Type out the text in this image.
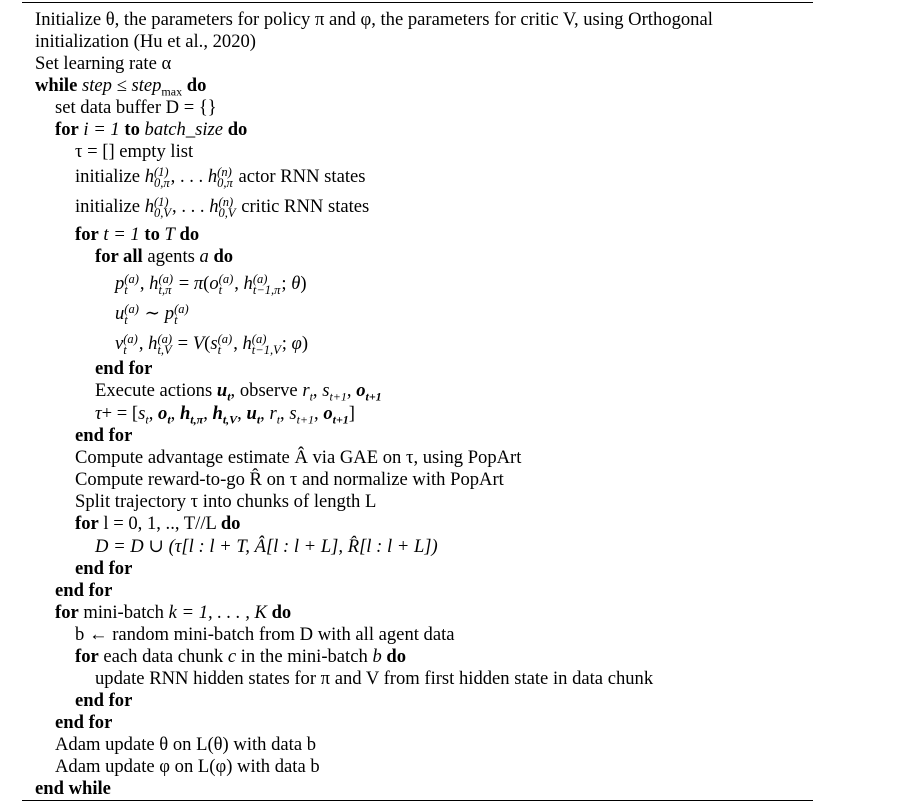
Initialize θ, the parameters for policy π and φ, the parameters for critic V, using Orthogonal
initialization (Hu et al., 2020)
Set learning rate α
while step ≤ step$_{max}$ do
set data buffer D = {}
for i = 1 to batch_size do
τ = [] empty list
initialize h (1)
0,π , . . . h (n)
0,π actor RNN states
initialize h (1)
0,V , . . . h (n)
0,V critic RNN states
for t = 1 to T do
for all agents a do
p (a)
t , h (a)
t,π = π(o (a)
t , h (a)
t−1,π ; θ)
u (a)
t ∼ p (a)
t
v (a)
t , h (a)
t,V = V(s (a)
t , h (a)
t−1,V ; φ)
end for
Execute actions $u_t$, observe $r_t$, $s_{t+1}$, $o_{t+1}$
$\tau+ = [s_t$, $o_t$, $h_{t,\pi}$, $h_{t,V}$, $u_t$, $r_t$, $s_{t+1}$, $o_{t+1}$]
end for
Compute advantage estimate Â via GAE on τ, using PopArt
Compute reward-to-go R̂ on τ and normalize with PopArt
Split trajectory τ into chunks of length L
for l = 0, 1, .., T//L do
D = D ∪ (τ[l : l + T, Â[l : l + L], R̂[l : l + L])
end for
end for
for mini-batch k = 1, . . . , K do
b ← random mini-batch from D with all agent data
for each data chunk c in the mini-batch b do
update RNN hidden states for π and V from first hidden state in data chunk
end for
end for
Adam update θ on L(θ) with data b
Adam update φ on L(φ) with data b
end while
